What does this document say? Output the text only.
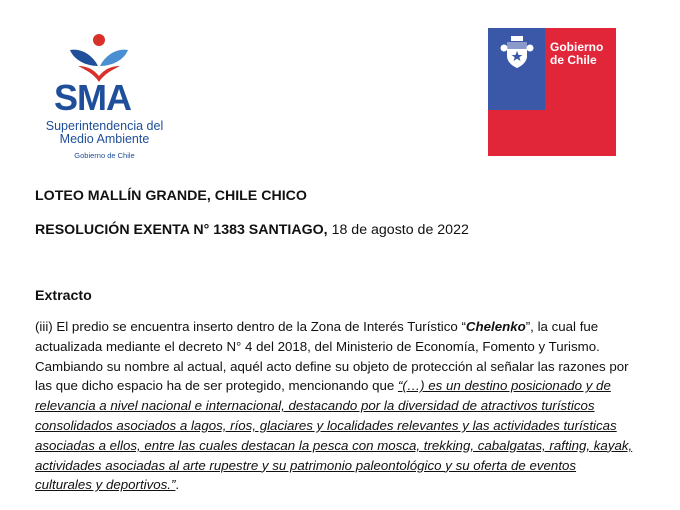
SMA
Superintendencia del
Medio Ambiente
Gobierno de Chile
Gobierno
de Chile
LOTEO MALLÍN GRANDE, CHILE CHICO
RESOLUCIÓN EXENTA N° 1383 SANTIAGO, 18 de agosto de 2022
Extracto
(iii) El predio se encuentra inserto dentro de la Zona de Interés Turístico “Chelenko”, la cual fue
actualizada mediante el decreto N° 4 del 2018, del Ministerio de Economía, Fomento y Turismo.
Cambiando su nombre al actual, aquél acto define su objeto de protección al señalar las razones por
las que dicho espacio ha de ser protegido, mencionando que “(…) es un destino posicionado y de
relevancia a nivel nacional e internacional, destacando por la diversidad de atractivos turísticos
consolidados asociados a lagos, ríos, glaciares y localidades relevantes y las actividades turísticas
asociadas a ellos, entre las cuales destacan la pesca con mosca, trekking, cabalgatas, rafting, kayak,
actividades asociadas al arte rupestre y su patrimonio paleontológico y su oferta de eventos
culturales y deportivos.”.
